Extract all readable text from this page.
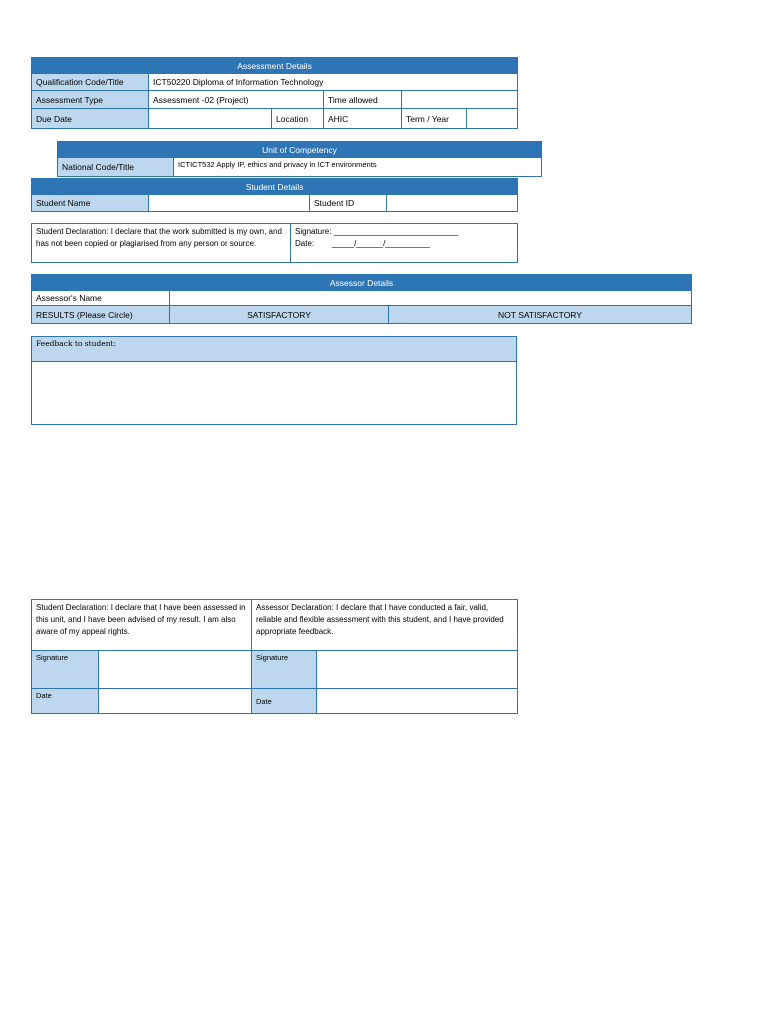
Assessment Details					
Qualification Code/Title	ICT50220 Diploma of Information Technology				
Assessment Type	Assessment -02 (Project)		Time allowed		
Due Date		Location	AHIC	Term / Year	
Unit of Competency
National Code/Title	ICTICT532 Apply IP, ethics and privacy in ICT environments
Student Details
Student Name		Student ID	
Student Declaration: I declare that the work submitted is my own, and has not been copied or plagiarised from any person or source.	
Signature: ____________________________
Date:        _____/______/__________
Assessor Details		
Assessor's Name		
RESULTS (Please Circle)	SATISFACTORY	NOT SATISFACTORY
Feedback to student:

Student Declaration: I declare that I have been assessed in this unit, and I have been advised of my result. I am also aware of my appeal rights.		Assessor Declaration: I declare that I have conducted a fair, valid, reliable and flexible assessment with this student, and I have provided appropriate feedback.	
Signature		Signature	
Date		Date	
